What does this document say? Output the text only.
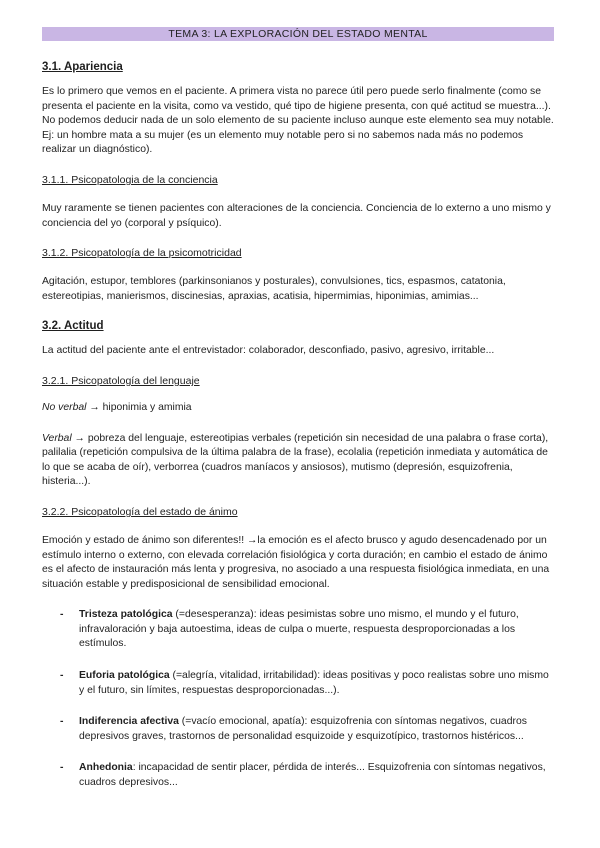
TEMA 3: LA EXPLORACIÓN DEL ESTADO MENTAL
3.1. Apariencia

Es lo primero que vemos en el paciente. A primera vista no parece útil pero puede serlo finalmente (como se presenta el paciente en la visita, como va vestido, qué tipo de higiene presenta, con qué actitud se muestra...). No podemos deducir nada de un solo elemento de su paciente incluso aunque este elemento sea muy notable. Ej: un hombre mata a su mujer (es un elemento muy notable pero si no sabemos nada más no podemos realizar un diagnóstico).

3.1.1. Psicopatologia de la conciencia

Muy raramente se tienen pacientes con alteraciones de la conciencia. Conciencia de lo externo a uno mismo y conciencia del yo (corporal y psíquico).

3.1.2. Psicopatología de la psicomotricidad

Agitación, estupor, temblores (parkinsonianos y posturales), convulsiones, tics, espasmos, catatonia, estereotipias, manierismos, discinesias, apraxias, acatisia, hipermimias, hiponimias, amimias...

3.2. Actitud

La actitud del paciente ante el entrevistador: colaborador, desconfiado, pasivo, agresivo, irritable...

3.2.1. Psicopatología del lenguaje

No verbal → hiponimia y amimia

Verbal → pobreza del lenguaje, estereotipias verbales (repetición sin necesidad de una palabra o frase corta), palilalia (repetición compulsiva de la última palabra de la frase), ecolalia (repetición inmediata y automática de lo que se acaba de oír), verborrea (cuadros maníacos y ansiosos), mutismo (depresión, esquizofrenia, histeria...).

3.2.2. Psicopatología del estado de ánimo

Emoción y estado de ánimo son diferentes!! →la emoción es el afecto brusco y agudo desencadenado por un estímulo interno o externo, con elevada correlación fisiológica y corta duración; en cambio el estado de ánimo es el afecto de instauración más lenta y progresiva, no asociado a una respuesta fisiológica inmediata, en una situación estable y predisposicional de sensibilidad emocional.

- Tristeza patológica (=desesperanza): ideas pesimistas sobre uno mismo, el mundo y el futuro, infravaloración y baja autoestima, ideas de culpa o muerte, respuesta desproporcionadas a los estímulos.
- Euforia patológica (=alegría, vitalidad, irritabilidad): ideas positivas y poco realistas sobre uno mismo y el futuro, sin límites, respuestas desproporcionadas...).
- Indiferencia afectiva (=vacío emocional, apatía): esquizofrenia con síntomas negativos, cuadros depresivos graves, trastornos de personalidad esquizoide y esquizotípico, trastornos histéricos...
- Anhedonia: incapacidad de sentir placer, pérdida de interés... Esquizofrenia con síntomas negativos, cuadros depresivos...
